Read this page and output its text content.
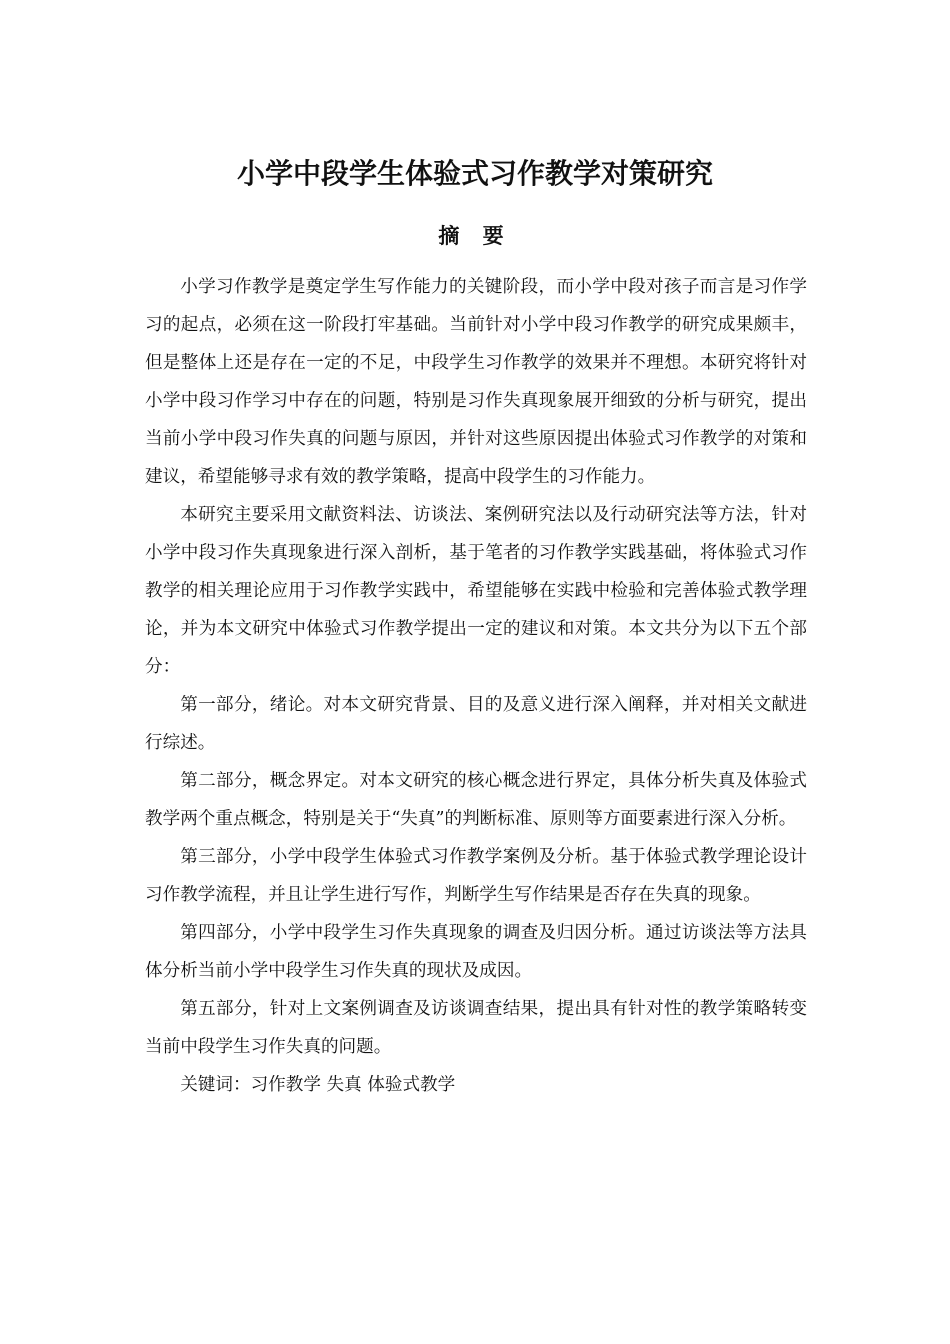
小学中段学生体验式习作教学对策研究
摘 要

小学习作教学是奠定学生写作能力的关键阶段，而小学中段对孩子而言是习作学习的起点，必须在这一阶段打牢基础。当前针对小学中段习作教学的研究成果颇丰，但是整体上还是存在一定的不足，中段学生习作教学的效果并不理想。本研究将针对小学中段习作学习中存在的问题，特别是习作失真现象展开细致的分析与研究，提出当前小学中段习作失真的问题与原因，并针对这些原因提出体验式习作教学的对策和建议，希望能够寻求有效的教学策略，提高中段学生的习作能力。

本研究主要采用文献资料法、访谈法、案例研究法以及行动研究法等方法，针对小学中段习作失真现象进行深入剖析，基于笔者的习作教学实践基础，将体验式习作教学的相关理论应用于习作教学实践中，希望能够在实践中检验和完善体验式教学理论，并为本文研究中体验式习作教学提出一定的建议和对策。本文共分为以下五个部分：

第一部分，绪论。对本文研究背景、目的及意义进行深入阐释，并对相关文献进行综述。

第二部分，概念界定。对本文研究的核心概念进行界定，具体分析失真及体验式教学两个重点概念，特别是关于“失真”的判断标准、原则等方面要素进行深入分析。

第三部分，小学中段学生体验式习作教学案例及分析。基于体验式教学理论设计习作教学流程，并且让学生进行写作，判断学生写作结果是否存在失真的现象。

第四部分，小学中段学生习作失真现象的调查及归因分析。通过访谈法等方法具体分析当前小学中段学生习作失真的现状及成因。

第五部分，针对上文案例调查及访谈调查结果，提出具有针对性的教学策略转变当前中段学生习作失真的问题。

关键词：习作教学 失真 体验式教学
